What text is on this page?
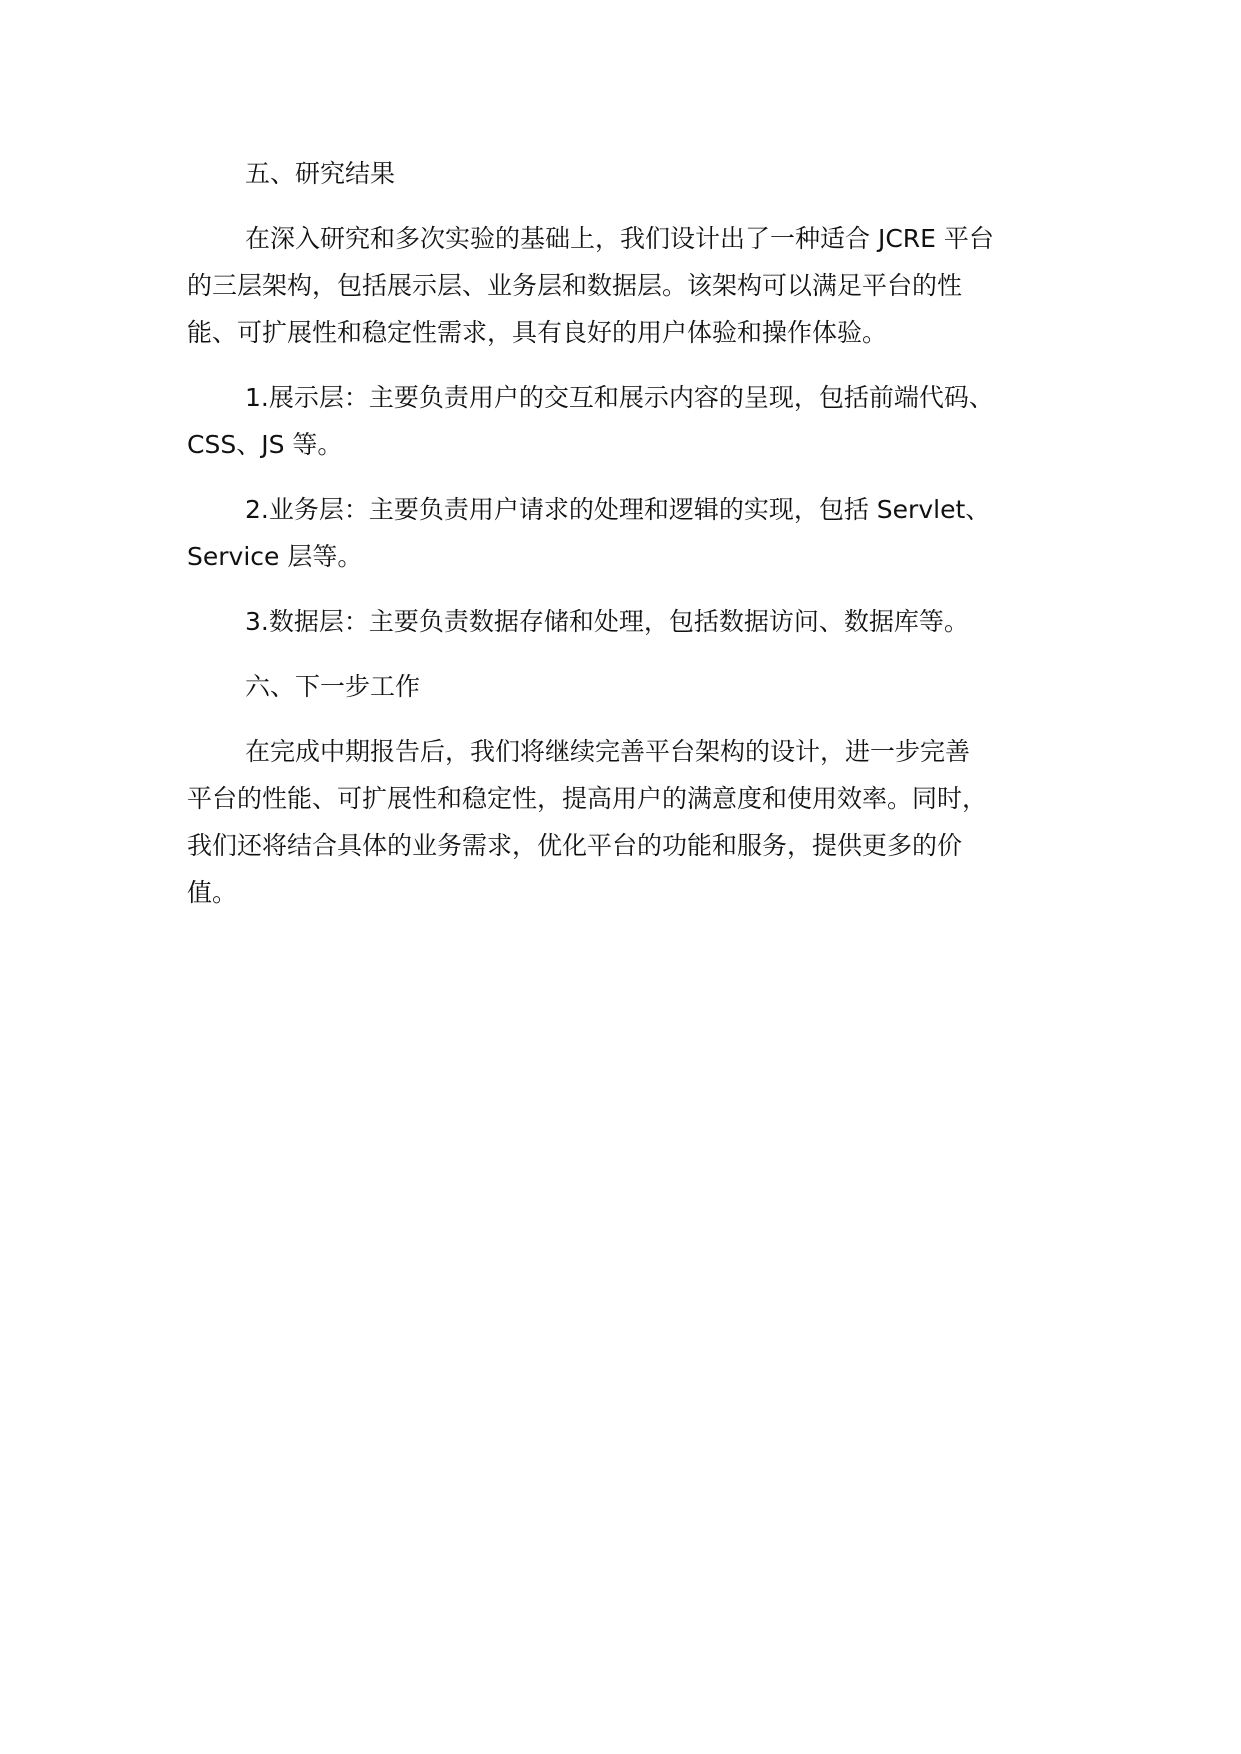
五、研究结果
在深入研究和多次实验的基础上，我们设计出了一种适合 JCRE 平台
的三层架构，包括展示层、业务层和数据层。该架构可以满足平台的性
能、可扩展性和稳定性需求，具有良好的用户体验和操作体验。
1.展示层：主要负责用户的交互和展示内容的呈现，包括前端代码、
CSS、JS 等。
2.业务层：主要负责用户请求的处理和逻辑的实现，包括 Servlet、
Service 层等。
3.数据层：主要负责数据存储和处理，包括数据访问、数据库等。
六、下一步工作
在完成中期报告后，我们将继续完善平台架构的设计，进一步完善
平台的性能、可扩展性和稳定性，提高用户的满意度和使用效率。同时，
我们还将结合具体的业务需求，优化平台的功能和服务，提供更多的价
值。
